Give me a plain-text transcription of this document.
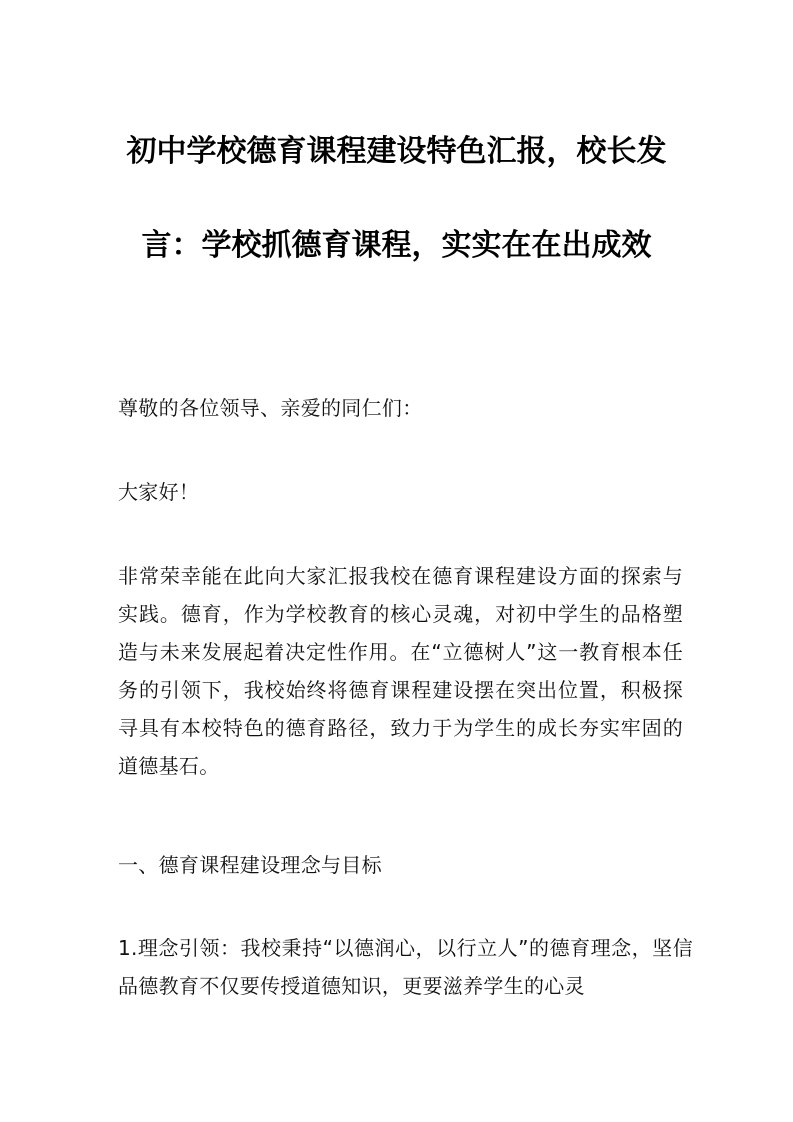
初中学校德育课程建设特色汇报，校长发
言：学校抓德育课程，实实在在出成效

尊敬的各位领导、亲爱的同仁们：

大家好！

非常荣幸能在此向大家汇报我校在德育课程建设方面的探索与实践。德育，作为学校教育的核心灵魂，对初中学生的品格塑造与未来发展起着决定性作用。在“立德树人”这一教育根本任务的引领下，我校始终将德育课程建设摆在突出位置，积极探寻具有本校特色的德育路径，致力于为学生的成长夯实牢固的道德基石。

一、德育课程建设理念与目标

1.理念引领：我校秉持“以德润心，以行立人”的德育理念，坚信品德教育不仅要传授道德知识，更要滋养学生的心灵
